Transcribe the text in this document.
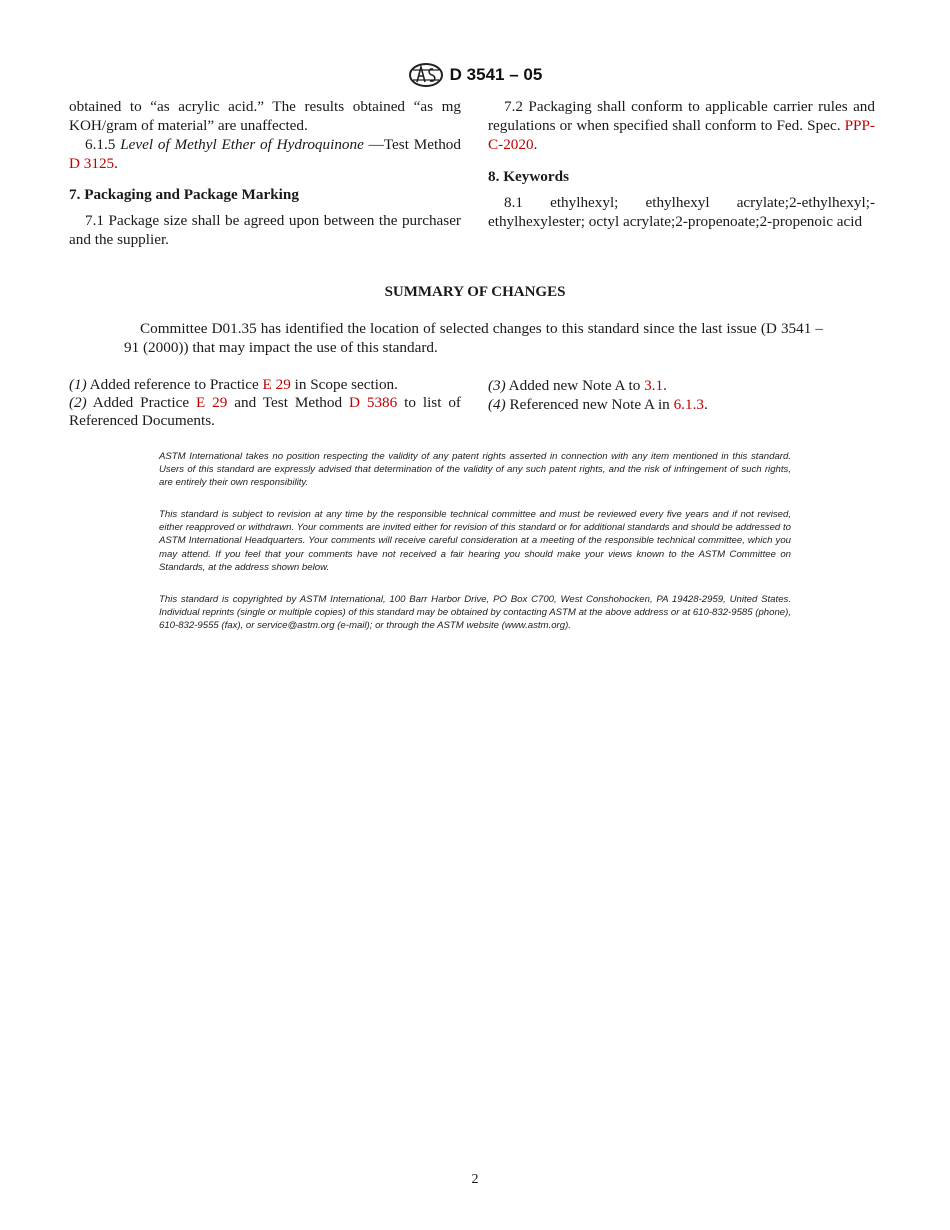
D 3541 – 05

obtained to “as acrylic acid.” The results obtained “as mg KOH/gram of material” are unaffected.

6.1.5 Level of Methyl Ether of Hydroquinone —Test Method D 3125.

7. Packaging and Package Marking

7.1 Package size shall be agreed upon between the purchaser and the supplier.

7.2 Packaging shall conform to applicable carrier rules and regulations or when specified shall conform to Fed. Spec. PPP-C-2020.

8. Keywords

8.1 ethylhexyl; ethylhexyl acrylate;2-ethylhexyl;-ethylhexylester; octyl acrylate;2-propenoate;2-propenoic acid

SUMMARY OF CHANGES

Committee D01.35 has identified the location of selected changes to this standard since the last issue (D 3541 – 91 (2000)) that may impact the use of this standard.

(1) Added reference to Practice E 29 in Scope section.

(2) Added Practice E 29 and Test Method D 5386 to list of Referenced Documents.

(3) Added new Note A to 3.1.

(4) Referenced new Note A in 6.1.3.

ASTM International takes no position respecting the validity of any patent rights asserted in connection with any item mentioned in this standard. Users of this standard are expressly advised that determination of the validity of any such patent rights, and the risk of infringement of such rights, are entirely their own responsibility.

This standard is subject to revision at any time by the responsible technical committee and must be reviewed every five years and if not revised, either reapproved or withdrawn. Your comments are invited either for revision of this standard or for additional standards and should be addressed to ASTM International Headquarters. Your comments will receive careful consideration at a meeting of the responsible technical committee, which you may attend. If you feel that your comments have not received a fair hearing you should make your views known to the ASTM Committee on Standards, at the address shown below.

This standard is copyrighted by ASTM International, 100 Barr Harbor Drive, PO Box C700, West Conshohocken, PA 19428-2959, United States. Individual reprints (single or multiple copies) of this standard may be obtained by contacting ASTM at the above address or at 610-832-9585 (phone), 610-832-9555 (fax), or service@astm.org (e-mail); or through the ASTM website (www.astm.org).

2
